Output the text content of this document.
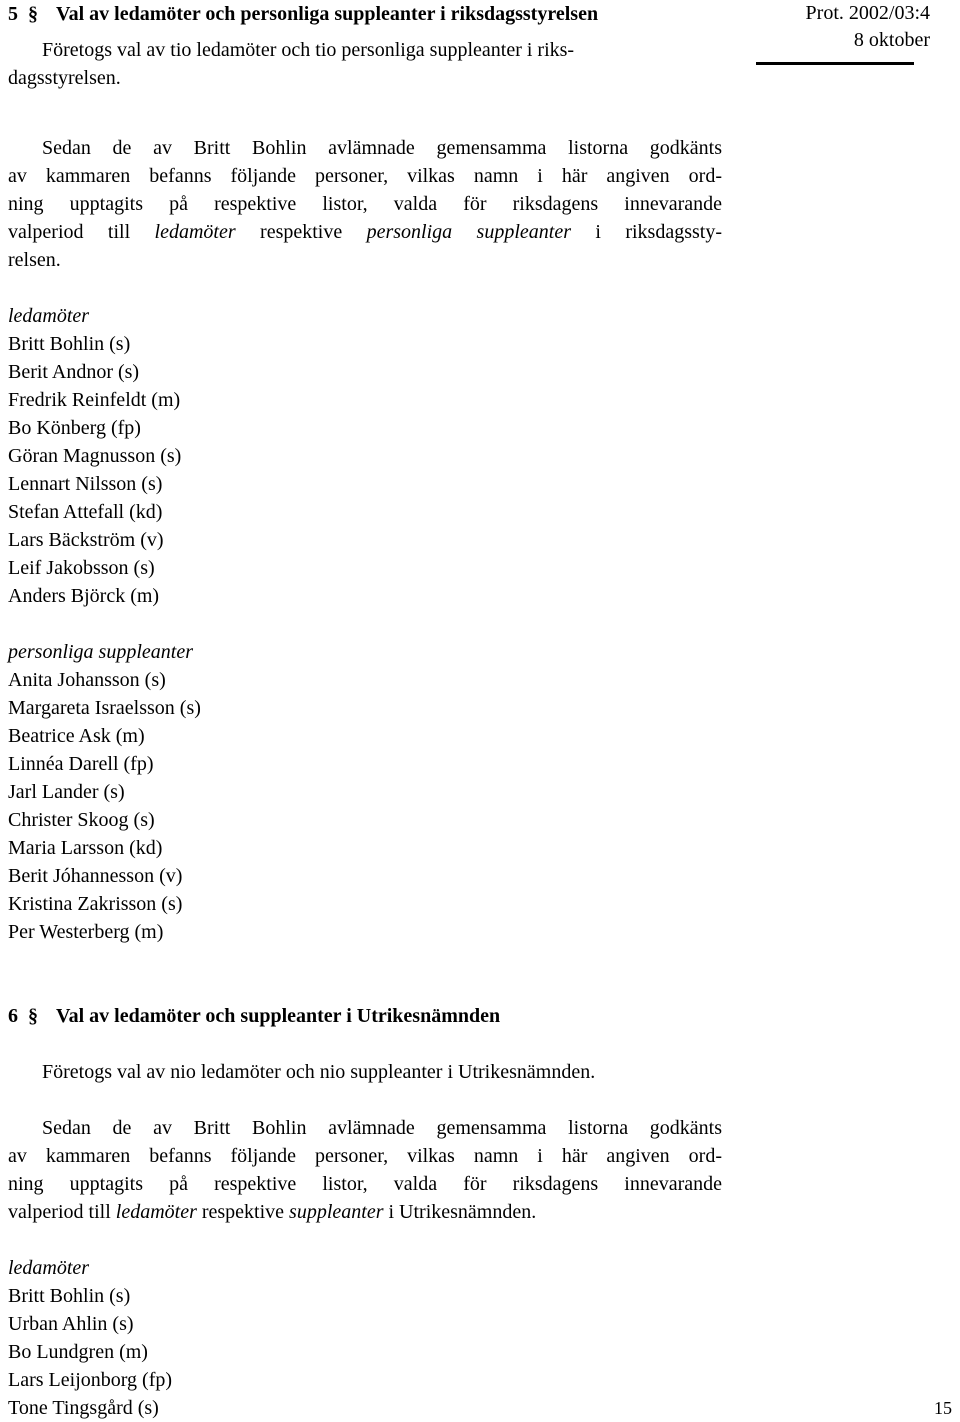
Prot. 2002/03:4
8 oktober
5 § Val av ledamöter och personliga suppleanter i riksdagsstyrelsen
Företogs val av tio ledamöter och tio personliga suppleanter i riks-
dagsstyrelsen.
Sedan de av Britt Bohlin avlämnade gemensamma listorna godkänts
av kammaren befanns följande personer, vilkas namn i här angiven ord-
ning upptagits på respektive listor, valda för riksdagens innevarande
valperiod till ledamöter respektive personliga suppleanter i riksdagssty-
relsen.
ledamöter
Britt Bohlin (s)
Berit Andnor (s)
Fredrik Reinfeldt (m)
Bo Könberg (fp)
Göran Magnusson (s)
Lennart Nilsson (s)
Stefan Attefall (kd)
Lars Bäckström (v)
Leif Jakobsson (s)
Anders Björck (m)
personliga suppleanter
Anita Johansson (s)
Margareta Israelsson (s)
Beatrice Ask (m)
Linnéa Darell (fp)
Jarl Lander (s)
Christer Skoog (s)
Maria Larsson (kd)
Berit Jóhannesson (v)
Kristina Zakrisson (s)
Per Westerberg (m)
6 § Val av ledamöter och suppleanter i Utrikesnämnden
Företogs val av nio ledamöter och nio suppleanter i Utrikesnämnden.
Sedan de av Britt Bohlin avlämnade gemensamma listorna godkänts
av kammaren befanns följande personer, vilkas namn i här angiven ord-
ning upptagits på respektive listor, valda för riksdagens innevarande
valperiod till ledamöter respektive suppleanter i Utrikesnämnden.
ledamöter
Britt Bohlin (s)
Urban Ahlin (s)
Bo Lundgren (m)
Lars Leijonborg (fp)
Tone Tingsgård (s)	15
